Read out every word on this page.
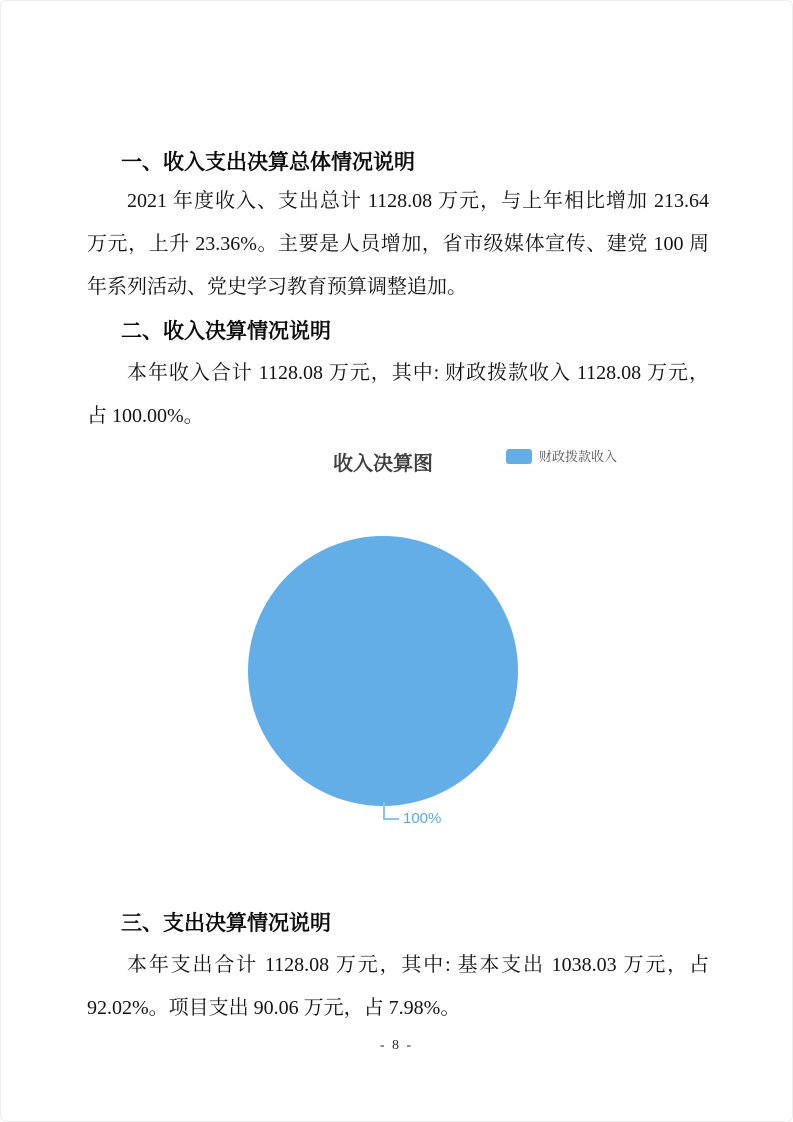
一、收入支出决算总体情况说明
2021 年度收入、支出总计 1128.08 万元，与上年相比增加 213.64
万元，上升 23.36%。主要是人员增加，省市级媒体宣传、建党 100 周
年系列活动、党史学习教育预算调整追加。
二、收入决算情况说明
本年收入合计 1128.08 万元，其中: 财政拨款收入 1128.08 万元，
占 100.00%。
收入决算图	财政拨款收入
100%
三、支出决算情况说明
本年支出合计 1128.08 万元，其中: 基本支出 1038.03 万元，占
92.02%。项目支出 90.06 万元，占 7.98%。
- 8 -
